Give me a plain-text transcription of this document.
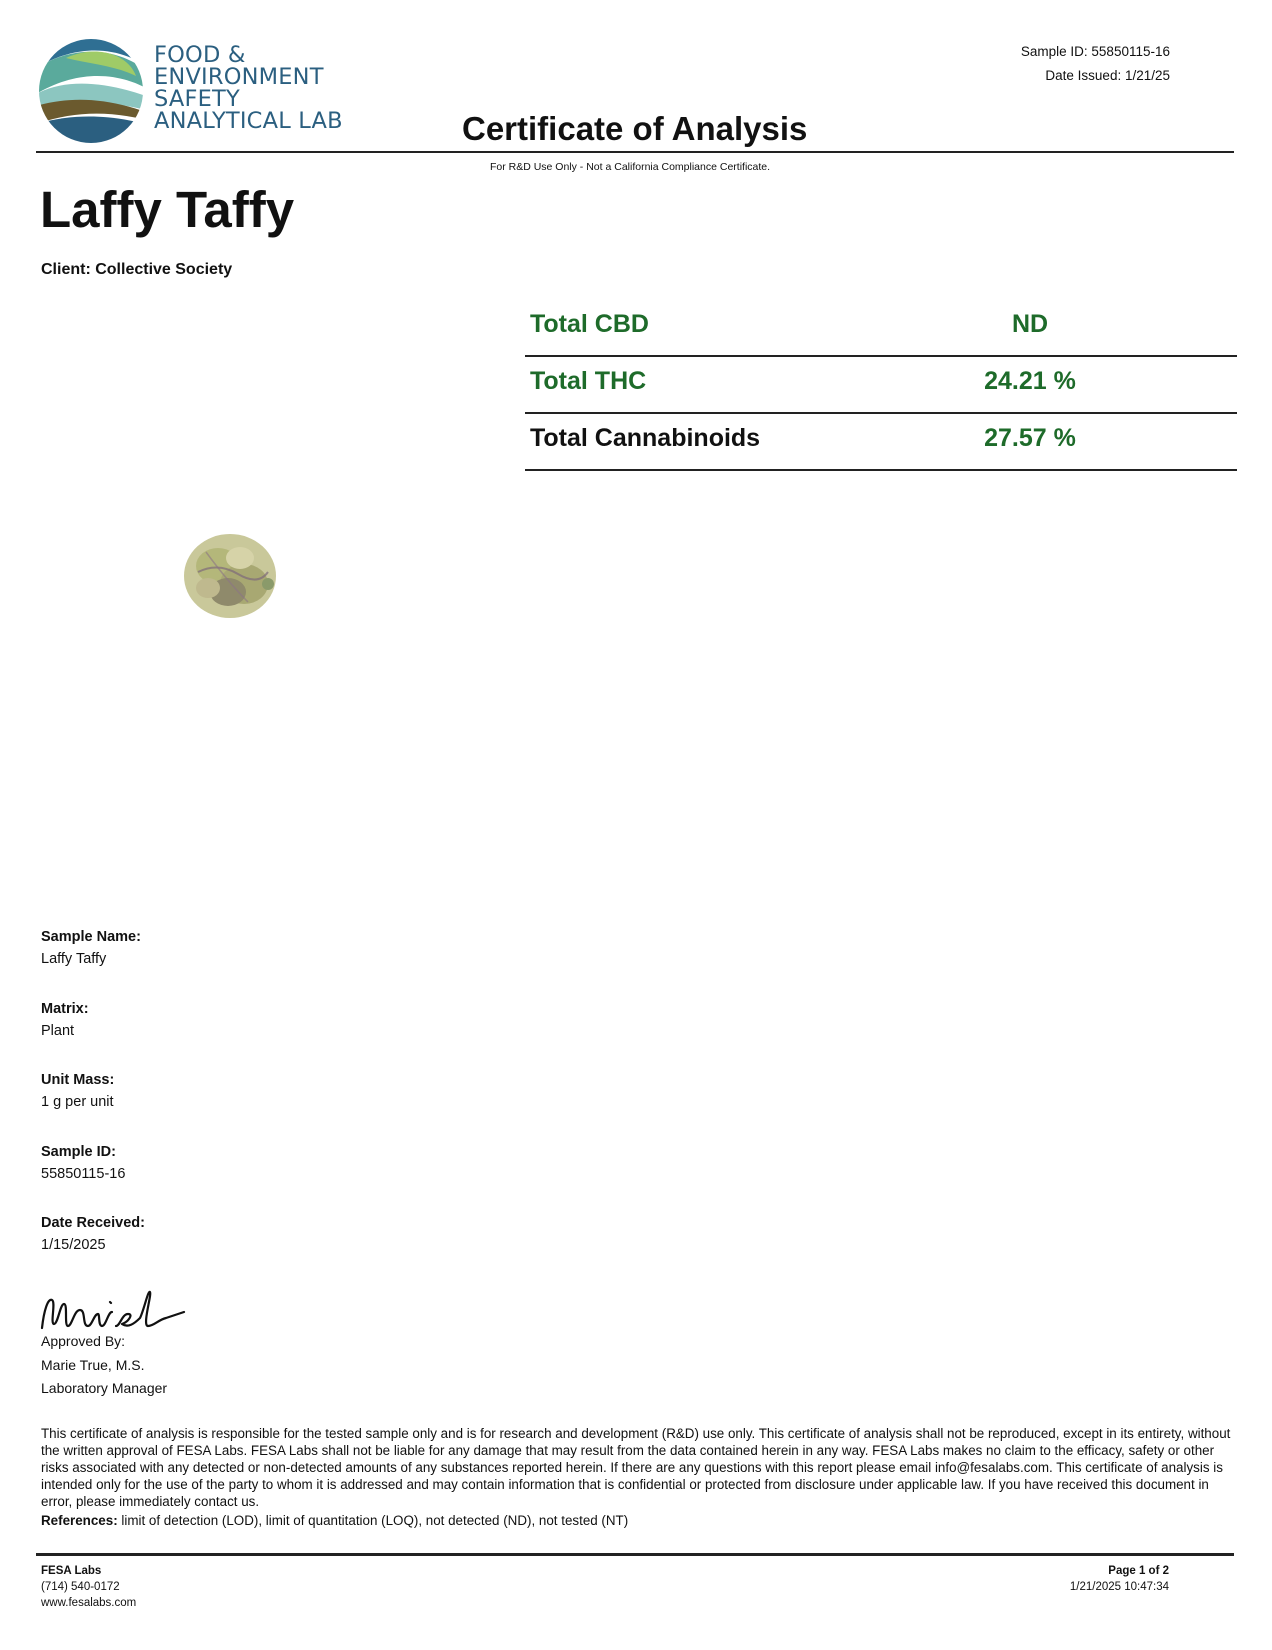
FOOD &
ENVIRONMENT
SAFETY
ANALYTICAL LAB
Sample ID: 55850115-16
Date Issued: 1/21/25
Certificate of Analysis
For R&D Use Only - Not a California Compliance Certificate.
Laffy Taffy
Client: Collective Society
Total CBD	ND
Total THC	24.21 %
Total Cannabinoids	27.57 %
Sample Name:
Laffy Taffy
Matrix:
Plant
Unit Mass:
1 g per unit
Sample ID:
55850115-16
Date Received:
1/15/2025
Approved By:
Marie True, M.S.
Laboratory Manager
This certificate of analysis is responsible for the tested sample only and is for research and development (R&D) use only. This certificate of analysis shall not be reproduced, except in its entirety, without the written approval of FESA Labs. FESA Labs shall not be liable for any damage that may result from the data contained herein in any way. FESA Labs makes no claim to the efficacy, safety or other risks associated with any detected or non-detected amounts of any substances reported herein. If there are any questions with this report please email info@fesalabs.com. This certificate of analysis is intended only for the use of the party to whom it is addressed and may contain information that is confidential or protected from disclosure under applicable law. If you have received this document in error, please immediately contact us.
References: limit of detection (LOD), limit of quantitation (LOQ), not detected (ND), not tested (NT)
FESA Labs
(714) 540-0172
www.fesalabs.com
Page 1 of 2
1/21/2025 10:47:34
